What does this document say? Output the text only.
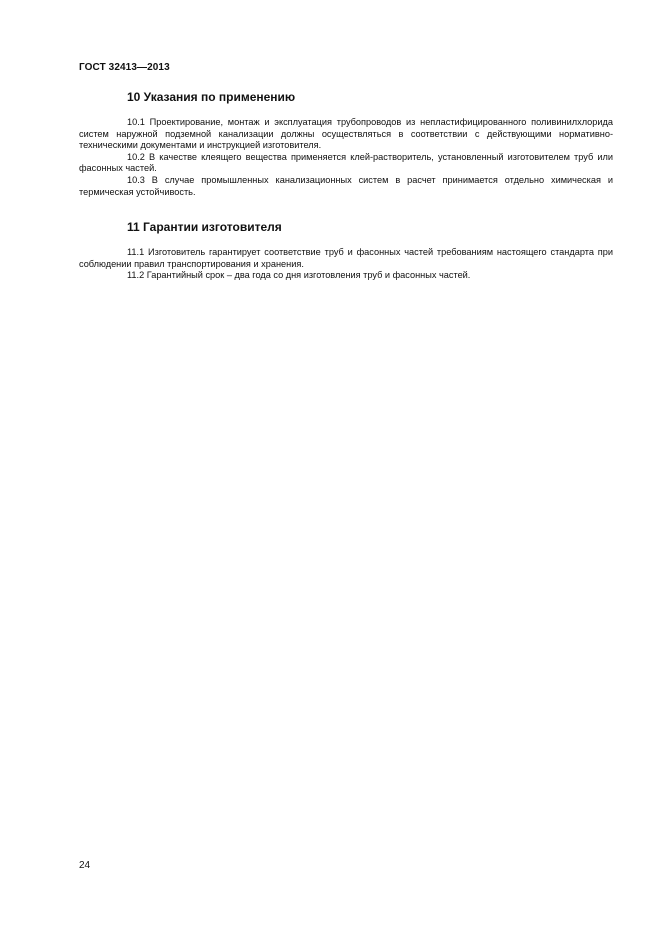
ГОСТ 32413—2013
10 Указания по применению

10.1 Проектирование, монтаж и эксплуатация трубопроводов из непластифицированного поливинилхлорида систем наружной подземной канализации должны осуществляться в соответствии с действующими нормативно-техническими документами и инструкцией изготовителя.

10.2 В качестве клеящего вещества применяется клей-растворитель, установленный изготовителем труб или фасонных частей.

10.3 В случае промышленных канализационных систем в расчет принимается отдельно химическая и термическая устойчивость.

11 Гарантии изготовителя

11.1 Изготовитель гарантирует соответствие труб и фасонных частей требованиям настоящего стандарта при соблюдении правил транспортирования и хранения.

11.2 Гарантийный срок – два года со дня изготовления труб и фасонных частей.

24
